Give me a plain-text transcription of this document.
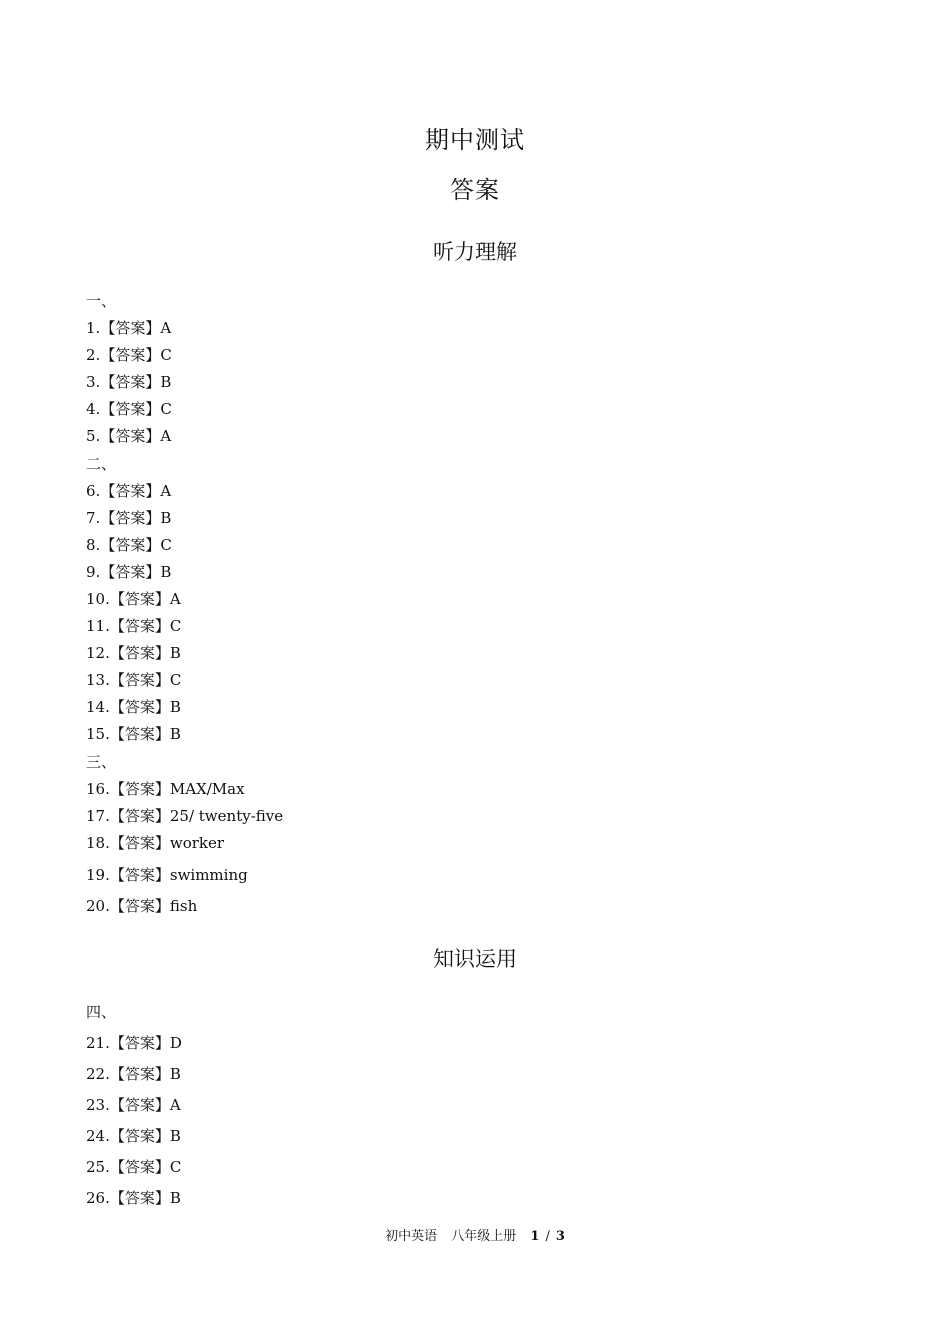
期中测试
答案
听力理解
一、
1.【答案】A
2.【答案】C
3.【答案】B
4.【答案】C
5.【答案】A
二、
6.【答案】A
7.【答案】B
8.【答案】C
9.【答案】B
10.【答案】A
11.【答案】C
12.【答案】B
13.【答案】C
14.【答案】B
15.【答案】B
三、
16.【答案】MAX/Max
17.【答案】25/ twenty-five
18.【答案】worker
19.【答案】swimming
20.【答案】fish
知识运用
四、
21.【答案】D
22.【答案】B
23.【答案】A
24.【答案】B
25.【答案】C
26.【答案】B
初中英语 八年级上册 1 / 3
